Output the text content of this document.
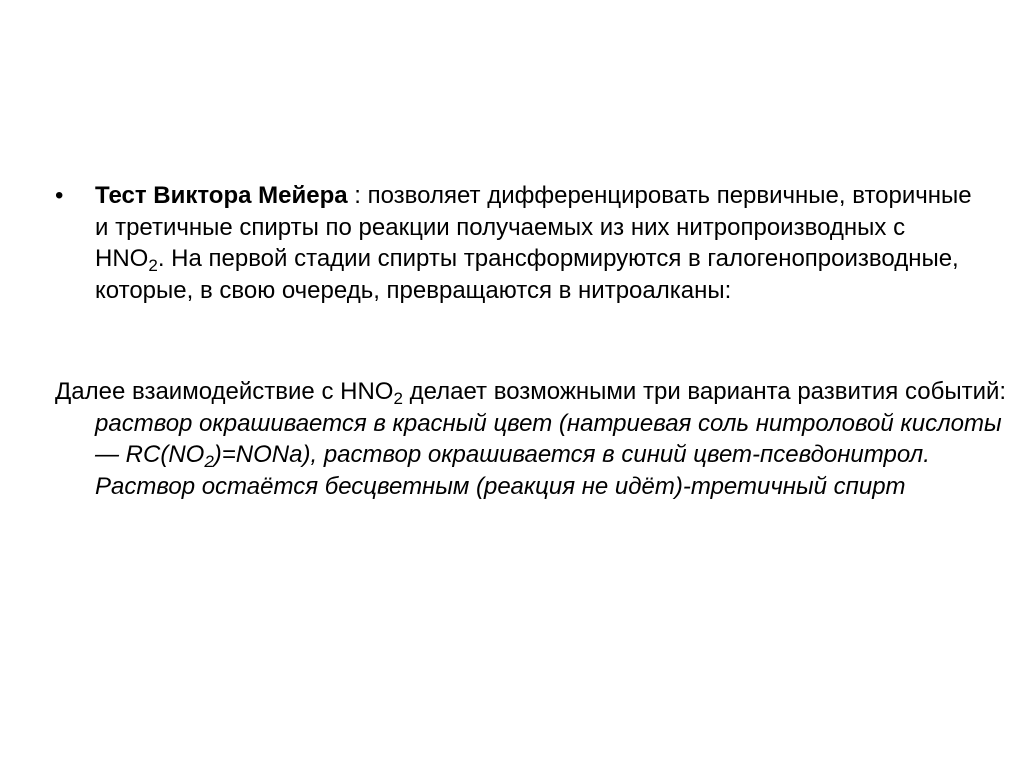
• Тест Виктора Мейера : позволяет дифференцировать первичные, вторичные и третичные спирты по реакции получаемых из них нитропроизводных с $HNO_2$. На первой стадии спирты трансформируются в галогенопроизводные, которые, в свою очередь, превращаются в нитроалканы:
Далее взаимодействие с $HNO_2$ делает возможными три варианта развития событий: раствор окрашивается в красный цвет (натриевая соль нитроловой кислоты — $RC(NO_2)=NONa$), раствор окрашивается в синий цвет-псевдонитрол. Раствор остаётся бесцветным (реакция не идёт)-третичный спирт
